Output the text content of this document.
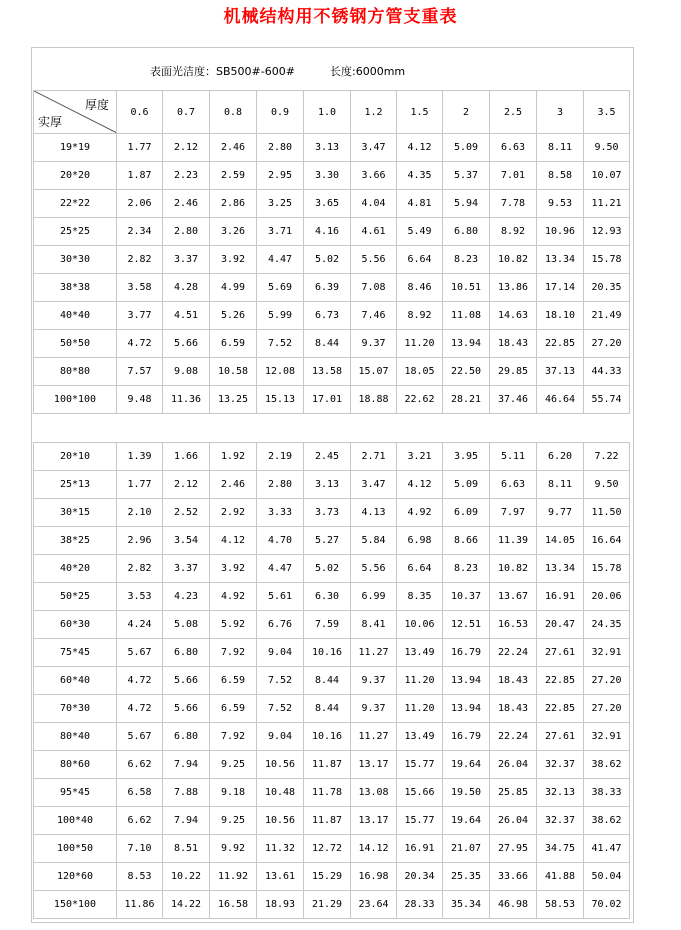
机械结构用不锈钢方管支重表
表面光洁度：SB500#-600#	长度:6000mm
厚度
实厚	0.6	0.7	0.8	0.9	1.0	1.2	1.5	2	2.5	3	3.5
19*19	1.77	2.12	2.46	2.80	3.13	3.47	4.12	5.09	6.63	8.11	9.50
20*20	1.87	2.23	2.59	2.95	3.30	3.66	4.35	5.37	7.01	8.58	10.07
22*22	2.06	2.46	2.86	3.25	3.65	4.04	4.81	5.94	7.78	9.53	11.21
25*25	2.34	2.80	3.26	3.71	4.16	4.61	5.49	6.80	8.92	10.96	12.93
30*30	2.82	3.37	3.92	4.47	5.02	5.56	6.64	8.23	10.82	13.34	15.78
38*38	3.58	4.28	4.99	5.69	6.39	7.08	8.46	10.51	13.86	17.14	20.35
40*40	3.77	4.51	5.26	5.99	6.73	7.46	8.92	11.08	14.63	18.10	21.49
50*50	4.72	5.66	6.59	7.52	8.44	9.37	11.20	13.94	18.43	22.85	27.20
80*80	7.57	9.08	10.58	12.08	13.58	15.07	18.05	22.50	29.85	37.13	44.33
100*100	9.48	11.36	13.25	15.13	17.01	18.88	22.62	28.21	37.46	46.64	55.74
20*10	1.39	1.66	1.92	2.19	2.45	2.71	3.21	3.95	5.11	6.20	7.22
25*13	1.77	2.12	2.46	2.80	3.13	3.47	4.12	5.09	6.63	8.11	9.50
30*15	2.10	2.52	2.92	3.33	3.73	4.13	4.92	6.09	7.97	9.77	11.50
38*25	2.96	3.54	4.12	4.70	5.27	5.84	6.98	8.66	11.39	14.05	16.64
40*20	2.82	3.37	3.92	4.47	5.02	5.56	6.64	8.23	10.82	13.34	15.78
50*25	3.53	4.23	4.92	5.61	6.30	6.99	8.35	10.37	13.67	16.91	20.06
60*30	4.24	5.08	5.92	6.76	7.59	8.41	10.06	12.51	16.53	20.47	24.35
75*45	5.67	6.80	7.92	9.04	10.16	11.27	13.49	16.79	22.24	27.61	32.91
60*40	4.72	5.66	6.59	7.52	8.44	9.37	11.20	13.94	18.43	22.85	27.20
70*30	4.72	5.66	6.59	7.52	8.44	9.37	11.20	13.94	18.43	22.85	27.20
80*40	5.67	6.80	7.92	9.04	10.16	11.27	13.49	16.79	22.24	27.61	32.91
80*60	6.62	7.94	9.25	10.56	11.87	13.17	15.77	19.64	26.04	32.37	38.62
95*45	6.58	7.88	9.18	10.48	11.78	13.08	15.66	19.50	25.85	32.13	38.33
100*40	6.62	7.94	9.25	10.56	11.87	13.17	15.77	19.64	26.04	32.37	38.62
100*50	7.10	8.51	9.92	11.32	12.72	14.12	16.91	21.07	27.95	34.75	41.47
120*60	8.53	10.22	11.92	13.61	15.29	16.98	20.34	25.35	33.66	41.88	50.04
150*100	11.86	14.22	16.58	18.93	21.29	23.64	28.33	35.34	46.98	58.53	70.02
